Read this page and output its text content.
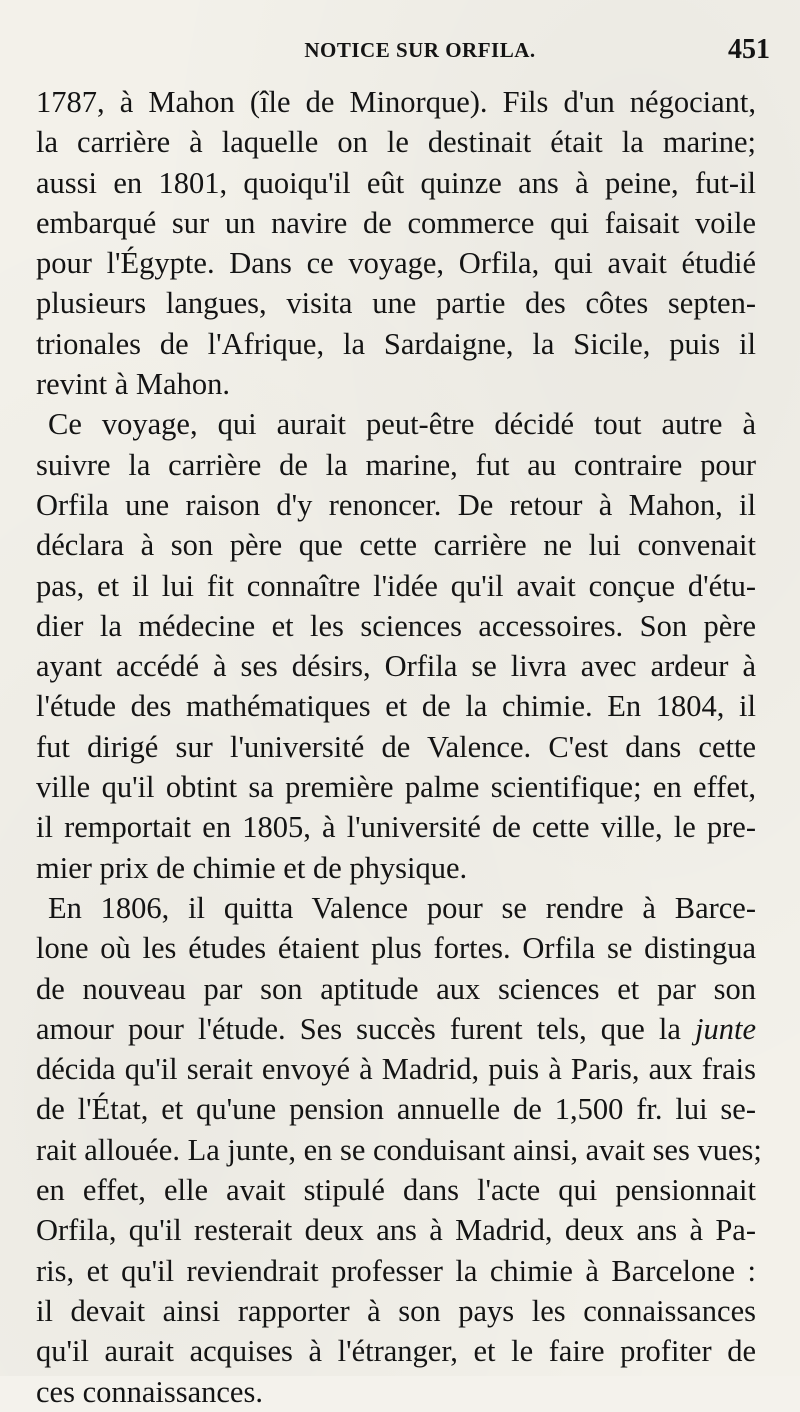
NOTICE SUR ORFILA.	451
1787, à Mahon (île de Minorque). Fils d'un négociant,
la carrière à laquelle on le destinait était la marine;
aussi en 1801, quoiqu'il eût quinze ans à peine, fut-il
embarqué sur un navire de commerce qui faisait voile
pour l'Égypte. Dans ce voyage, Orfila, qui avait étudié
plusieurs langues, visita une partie des côtes septen-
trionales de l'Afrique, la Sardaigne, la Sicile, puis il
revint à Mahon.
Ce voyage, qui aurait peut-être décidé tout autre à
suivre la carrière de la marine, fut au contraire pour
Orfila une raison d'y renoncer. De retour à Mahon, il
déclara à son père que cette carrière ne lui convenait
pas, et il lui fit connaître l'idée qu'il avait conçue d'étu-
dier la médecine et les sciences accessoires. Son père
ayant accédé à ses désirs, Orfila se livra avec ardeur à
l'étude des mathématiques et de la chimie. En 1804, il
fut dirigé sur l'université de Valence. C'est dans cette
ville qu'il obtint sa première palme scientifique; en effet,
il remportait en 1805, à l'université de cette ville, le pre-
mier prix de chimie et de physique.
En 1806, il quitta Valence pour se rendre à Barce-
lone où les études étaient plus fortes. Orfila se distingua
de nouveau par son aptitude aux sciences et par son
amour pour l'étude. Ses succès furent tels, que la junte
décida qu'il serait envoyé à Madrid, puis à Paris, aux frais
de l'État, et qu'une pension annuelle de 1,500 fr. lui se-
rait allouée. La junte, en se conduisant ainsi, avait ses vues;
en effet, elle avait stipulé dans l'acte qui pensionnait
Orfila, qu'il resterait deux ans à Madrid, deux ans à Pa-
ris, et qu'il reviendrait professer la chimie à Barcelone :
il devait ainsi rapporter à son pays les connaissances
qu'il aurait acquises à l'étranger, et le faire profiter de
ces connaissances.
